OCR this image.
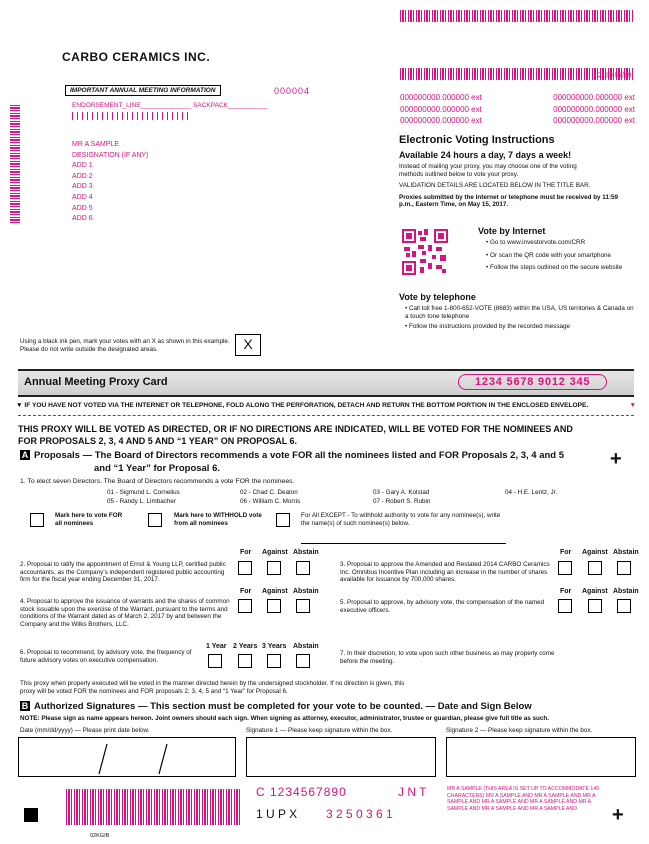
CARBO CERAMICS INC.
IMPORTANT ANNUAL MEETING INFORMATION	000004
ENDORSEMENT_LINE______________ SACKPACK___________
C123456789
MR A SAMPLE
DESIGNATION (IF ANY)
ADD 1
ADD 2
ADD 3
ADD 4
ADD 5
ADD 6
000000000.000000 ext	000000000.000000 ext
000000000.000000 ext	000000000.000000 ext
000000000.000000 ext	000000000.000000 ext
Electronic Voting Instructions
Available 24 hours a day, 7 days a week!
Instead of mailing your proxy, you may choose one of the voting methods outlined below to vote your proxy.
VALIDATION DETAILS ARE LOCATED BELOW IN THE TITLE BAR.
Proxies submitted by the Internet or telephone must be received by 11:59 p.m., Eastern Time, on May 15, 2017.
Vote by Internet
• Go to www.investorvote.com/CRR
• Or scan the QR code with your smartphone
• Follow the steps outlined on the secure website
Vote by telephone
• Call toll free 1-800-652-VOTE (8683) within the USA, US territories & Canada on a touch tone telephone
• Follow the instructions provided by the recorded message
Using a black ink pen, mark your votes with an X as shown in this example. Please do not write outside the designated areas.	X
Annual Meeting Proxy Card	1234 5678 9012 345
▼ IF YOU HAVE NOT VOTED VIA THE INTERNET OR TELEPHONE, FOLD ALONG THE PERFORATION, DETACH AND RETURN THE BOTTOM PORTION IN THE ENCLOSED ENVELOPE.	▼
THIS PROXY WILL BE VOTED AS DIRECTED, OR IF NO DIRECTIONS ARE INDICATED, WILL BE VOTED FOR THE NOMINEES AND FOR PROPOSALS 2, 3, 4 AND 5 AND “1 YEAR” ON PROPOSAL 6.
A Proposals — The Board of Directors recommends a vote FOR all the nominees listed and FOR Proposals 2, 3, 4 and 5
and “1 Year” for Proposal 6.	+
1. To elect seven Directors. The Board of Directors recommends a vote FOR the nominees.
01 - Sigmund L. Cornelius	02 - Chad C. Deaton	03 - Gary A. Kolstad	04 - H.E. Lentz, Jr.
05 - Randy L. Limbacher	06 - William C. Morris	07 - Robert S. Rubin
Mark here to vote FOR all nominees
Mark here to WITHHOLD vote from all nominees
For All EXCEPT - To withhold authority to vote for any nominee(s), write the name(s) of such nominee(s) below.
For Against Abstain	For Against Abstain
2. Proposal to ratify the appointment of Ernst & Young LLP, certified public accountants, as the Company’s independent registered public accounting firm for the fiscal year ending December 31, 2017.
3. Proposal to approve the Amended and Restated 2014 CARBO Ceramics Inc. Omnibus Incentive Plan including an increase in the number of shares available for issuance by 700,000 shares.
For Against Abstain	For Against Abstain
4. Proposal to approve the issuance of warrants and the shares of common stock issuable upon the exercise of the Warrant, pursuant to the terms and conditions of the Warrant dated as of March 2, 2017 by and between the Company and the Wilks Brothers, LLC.
5. Proposal to approve, by advisory vote, the compensation of the named executive officers.
1 Year 2 Years 3 Years Abstain
6. Proposal to recommend, by advisory vote, the frequency of future advisory votes on executive compensation.
7. In their discretion, to vote upon such other business as may properly come before the meeting.
This proxy when properly executed will be voted in the manner directed herein by the undersigned stockholder. If no direction is given, this proxy will be voted FOR the nominees and FOR proposals 2, 3, 4, 5 and “1 Year” for Proposal 6.
B Authorized Signatures — This section must be completed for your vote to be counted. — Date and Sign Below
NOTE: Please sign as name appears hereon. Joint owners should each sign. When signing as attorney, executor, administrator, trustee or guardian, please give full title as such.
Date (mm/dd/yyyy) — Please print date below.	Signature 1 — Please keep signature within the box.	Signature 2 — Please keep signature within the box.
02KGIB
C 1234567890	J N T
1 U P X 3 2 5 0 3 6 1
MR A SAMPLE (THIS AREA IS SET UP TO ACCOMMODATE 140 CHARACTERS) MR A SAMPLE AND MR A SAMPLE AND MR A SAMPLE AND MR A SAMPLE AND MR A SAMPLE AND MR A SAMPLE AND MR A SAMPLE AND MR A SAMPLE AND	+
